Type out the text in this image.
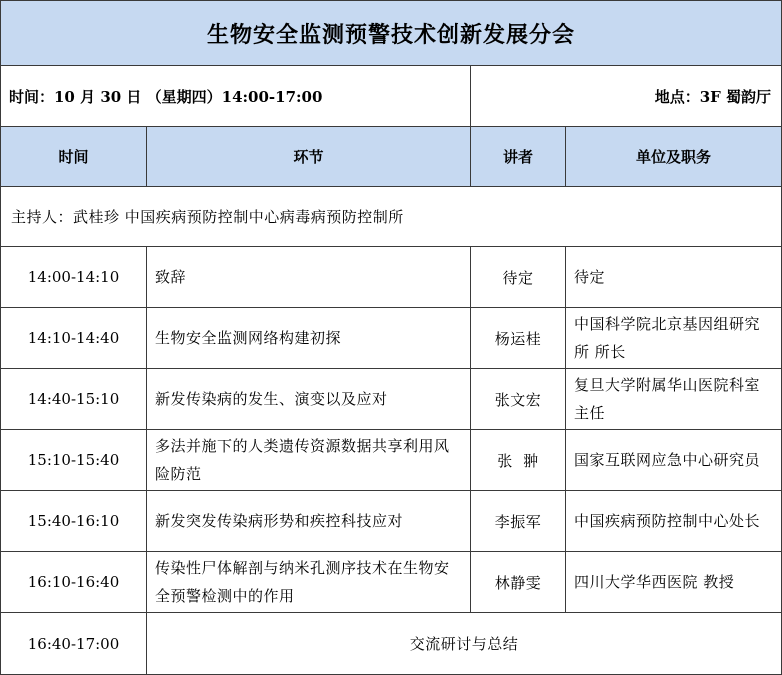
生物安全监测预警技术创新发展分会			
时间：10 月 30 日 （星期四）14:00-17:00		地点：3F 蜀韵厅	
时间	环节	讲者	单位及职务
主持人：武桂珍 中国疾病预防控制中心病毒病预防控制所			
14:00-14:10	致辞	待定	待定
14:10-14:40	生物安全监测网络构建初探	杨运桂	中国科学院北京基因组研究所 所长
14:40-15:10	新发传染病的发生、演变以及应对	张文宏	复旦大学附属华山医院科室主任
15:10-15:40	多法并施下的人类遗传资源数据共享利用风险防范	张  翀	国家互联网应急中心研究员
15:40-16:10	新发突发传染病形势和疾控科技应对	李振军	中国疾病预防控制中心处长
16:10-16:40	传染性尸体解剖与纳米孔测序技术在生物安全预警检测中的作用	林静雯	四川大学华西医院 教授
16:40-17:00	交流研讨与总结		
